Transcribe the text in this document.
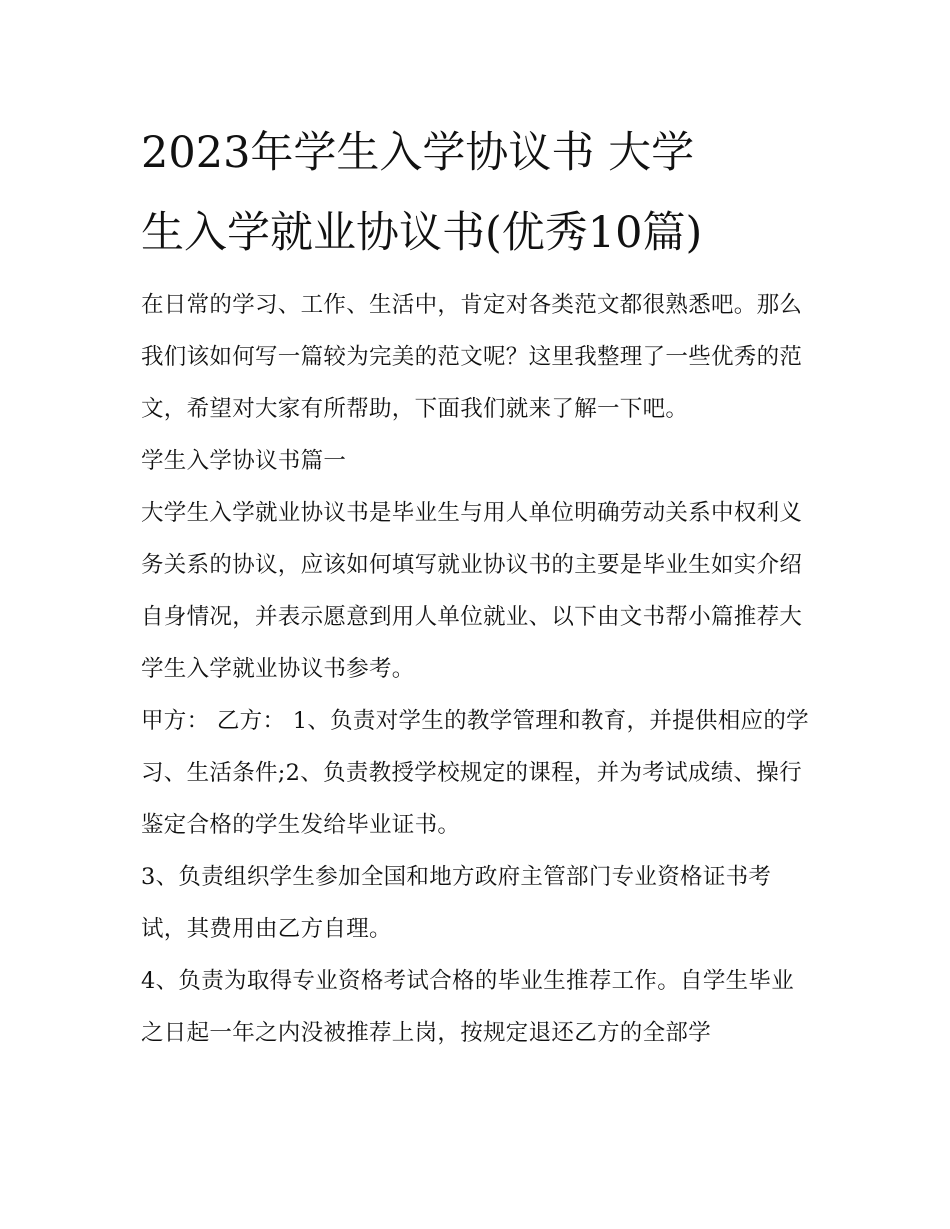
2023年学生入学协议书 大学
生入学就业协议书(优秀10篇)

在日常的学习、工作、生活中，肯定对各类范文都很熟悉吧。那么我们该如何写一篇较为完美的范文呢？这里我整理了一些优秀的范文，希望对大家有所帮助，下面我们就来了解一下吧。

学生入学协议书篇一

大学生入学就业协议书是毕业生与用人单位明确劳动关系中权利义务关系的协议，应该如何填写就业协议书的主要是毕业生如实介绍自身情况，并表示愿意到用人单位就业、以下由文书帮小篇推荐大学生入学就业协议书参考。

甲方： 乙方： 1、负责对学生的教学管理和教育，并提供相应的学习、生活条件;2、负责教授学校规定的课程，并为考试成绩、操行鉴定合格的学生发给毕业证书。

3、负责组织学生参加全国和地方政府主管部门专业资格证书考试，其费用由乙方自理。

4、负责为取得专业资格考试合格的毕业生推荐工作。自学生毕业之日起一年之内没被推荐上岗，按规定退还乙方的全部学
